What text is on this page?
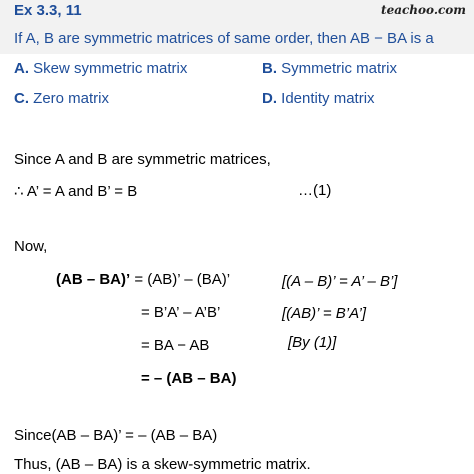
teachoo.com
Ex 3.3, 11
If A, B are symmetric matrices of same order, then AB − BA is a
A. Skew symmetric matrix	B. Symmetric matrix
C. Zero matrix	D. Identity matrix
Since A and B are symmetric matrices,
∴ A’ = A and B’ = B	…(1)
Now,
(AB – BA)’ = (AB)’ – (BA)’
= B’A’ – A’B’
= BA − AB
= – (AB – BA)
[(A – B)’ = A’ – B’]
[(AB)’ = B’A’]
[By (1)]
Since(AB – BA)’ = – (AB – BA)
Thus, (AB – BA) is a skew-symmetric matrix.
